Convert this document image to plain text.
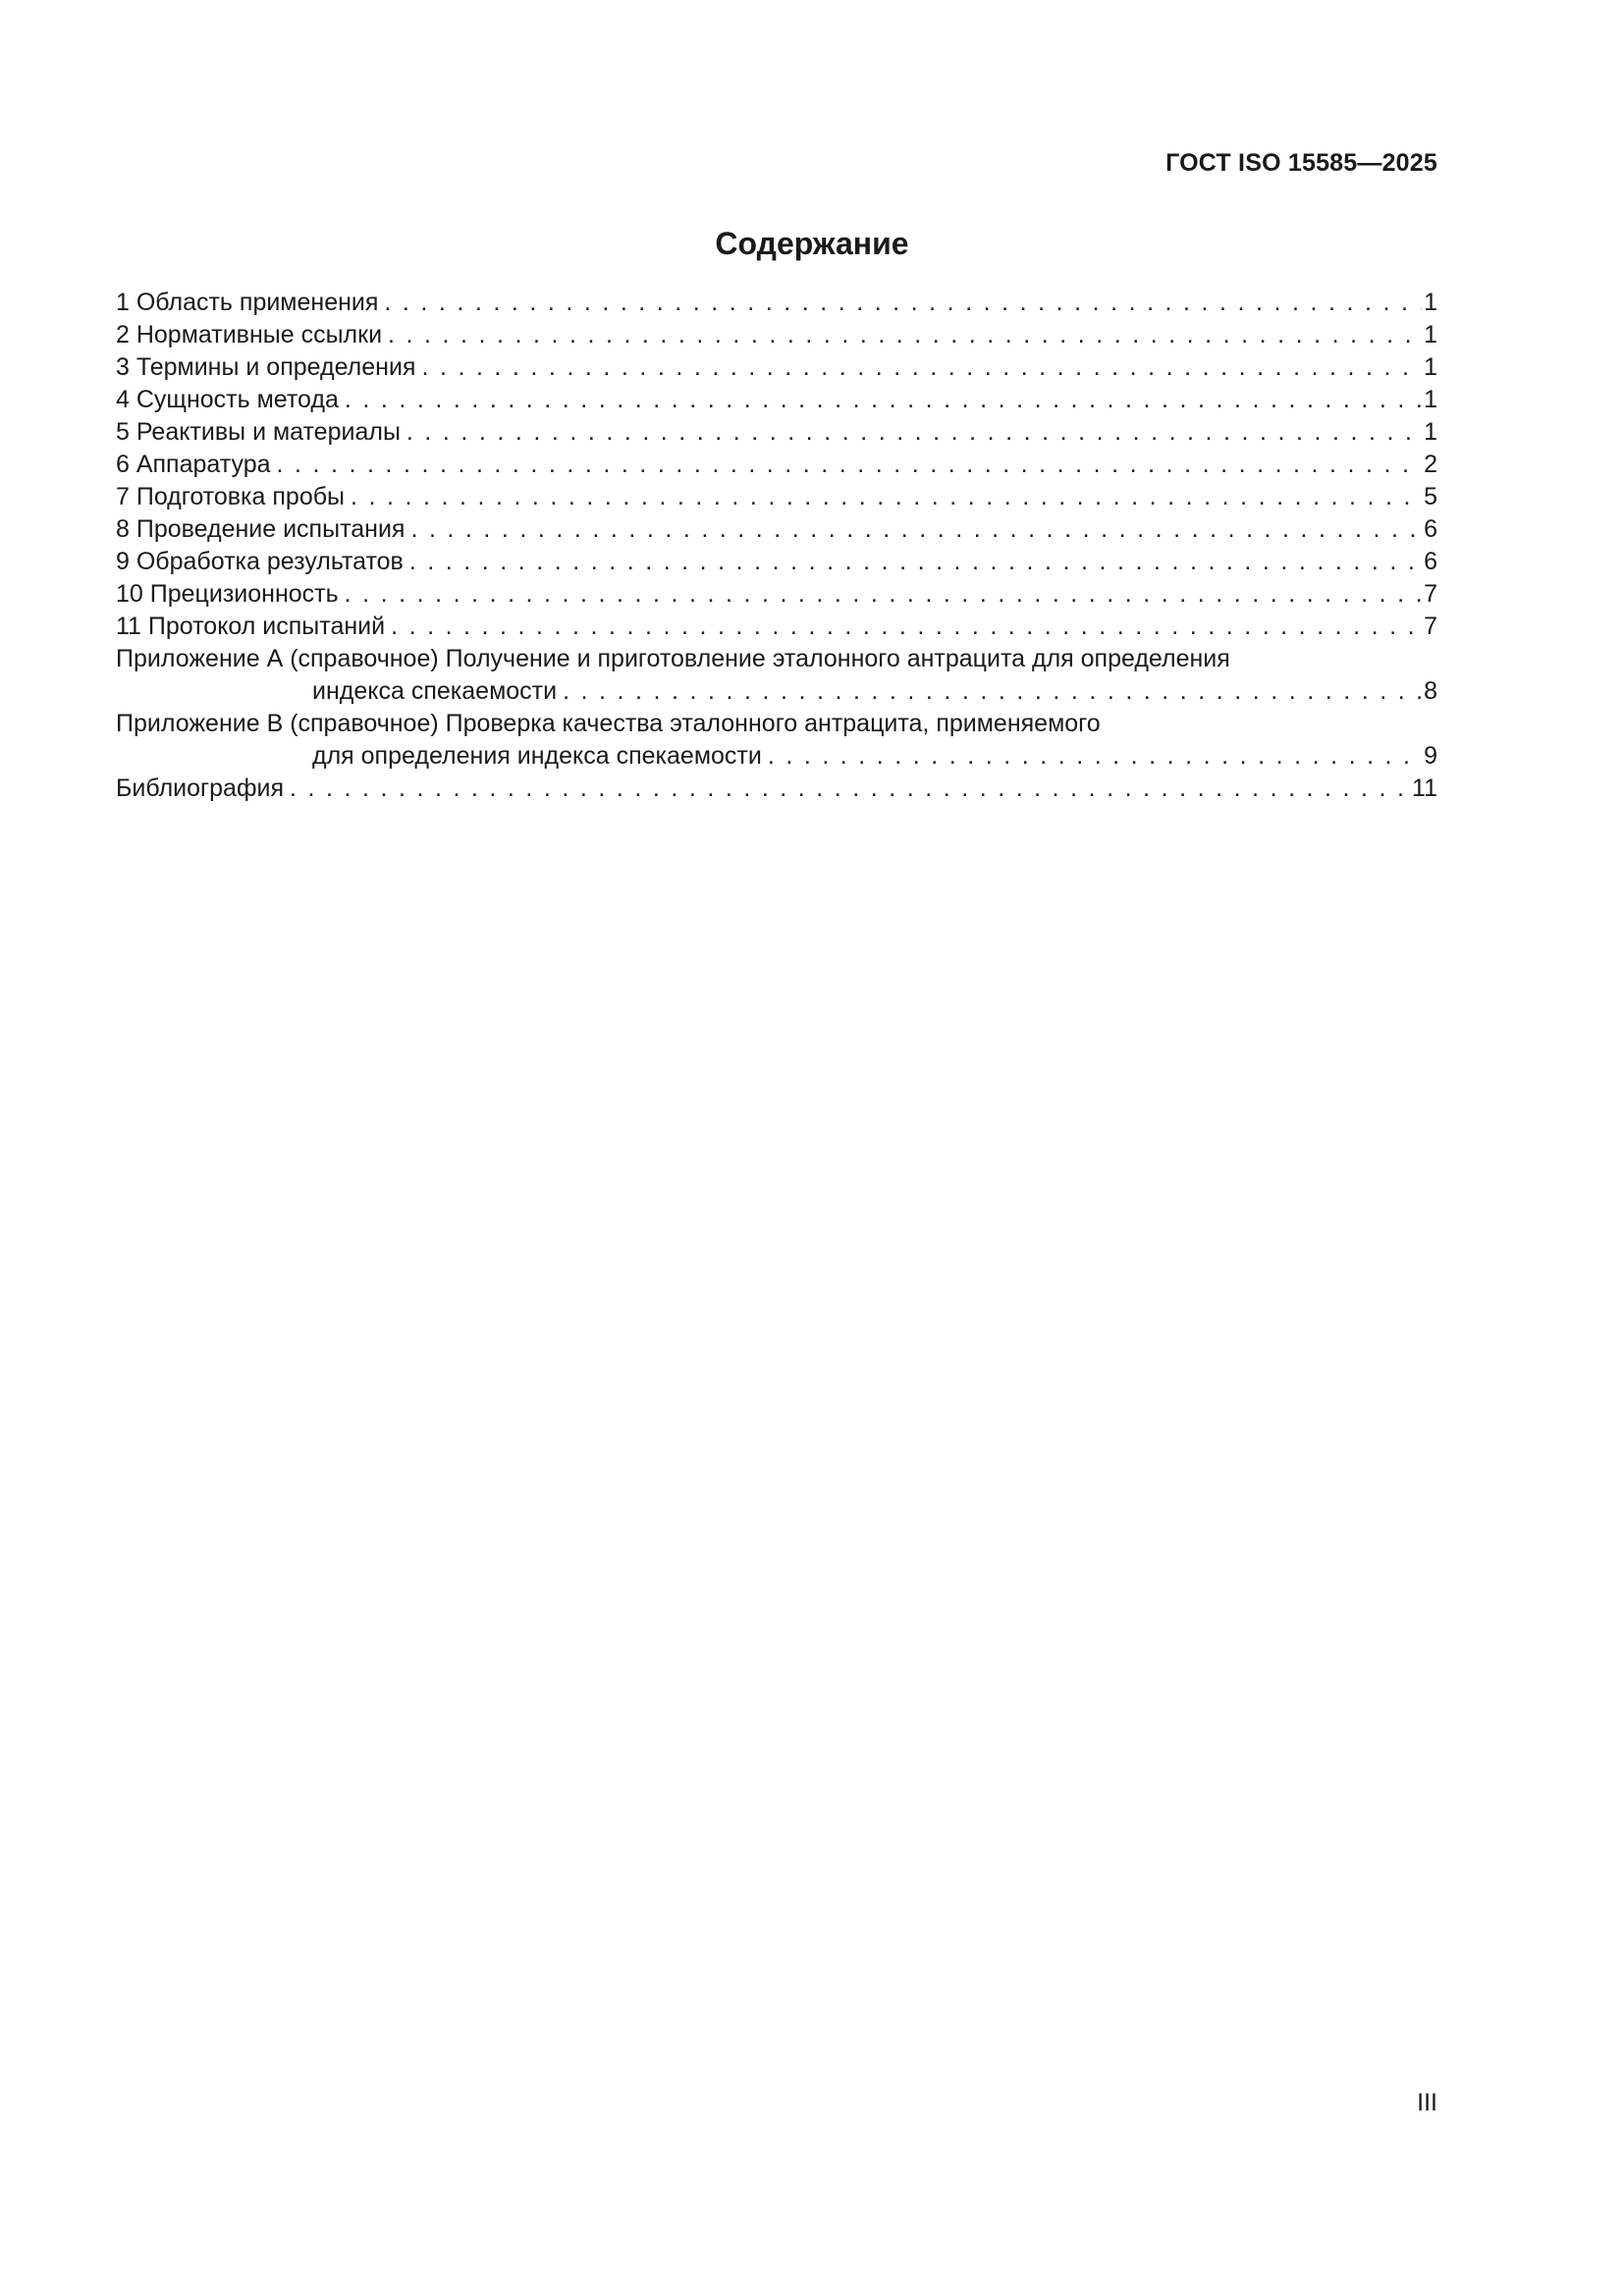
ГОСТ ISO 15585—2025
Содержание
1 Область применения . . .	1
2 Нормативные ссылки . . .	1
3 Термины и определения . . .	1
4 Сущность метода . . .	1
5 Реактивы и материалы . . .	1
6 Аппаратура . . .	2
7 Подготовка пробы . . .	5
8 Проведение испытания . . .	6
9 Обработка результатов . . .	6
10 Прецизионность . . .	7
11 Протокол испытаний . . .	7
Приложение А (справочное) Получение и приготовление эталонного антрацита для определения
индекса спекаемости . . .	8
Приложение В (справочное) Проверка качества эталонного антрацита, применяемого
для определения индекса спекаемости . . .	9
Библиография . . .	11
III
